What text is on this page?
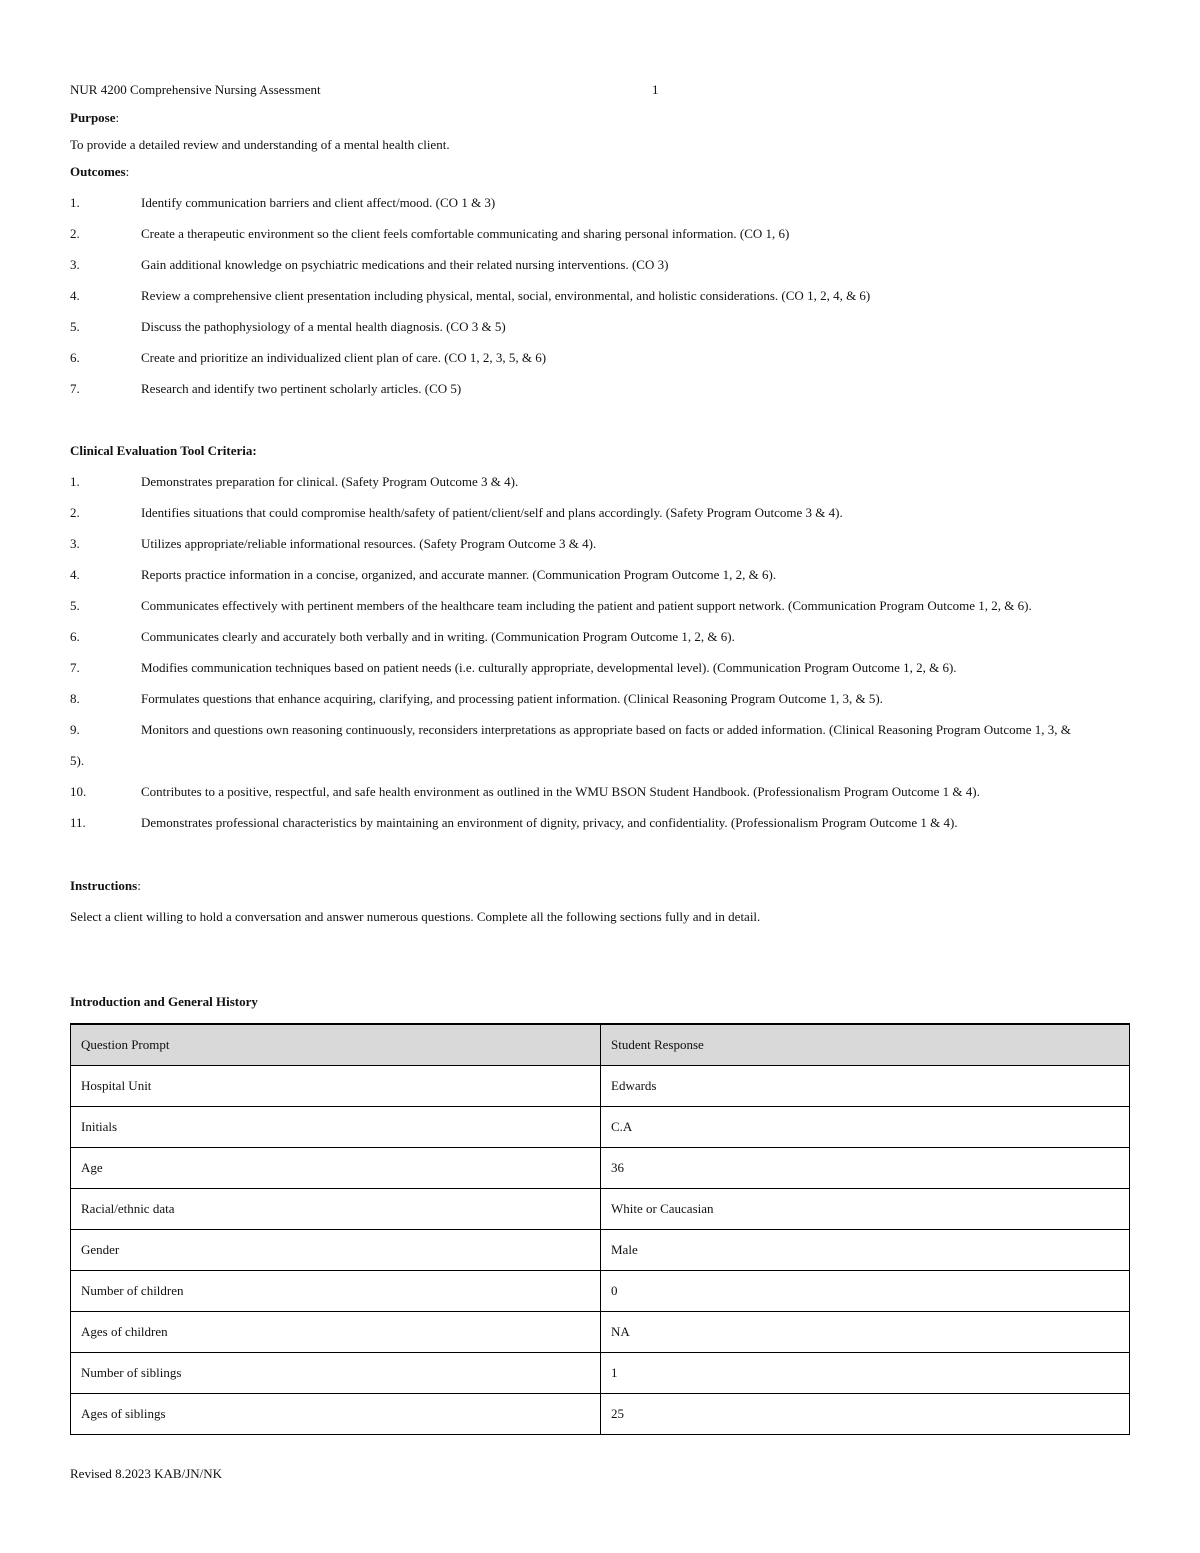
NUR 4200 Comprehensive Nursing Assessment	1
Purpose:
To provide a detailed review and understanding of a mental health client.
Outcomes:
1.	Identify communication barriers and client affect/mood. (CO 1 & 3)
2.	Create a therapeutic environment so the client feels comfortable communicating and sharing personal information. (CO 1, 6)
3.	Gain additional knowledge on psychiatric medications and their related nursing interventions. (CO 3)
4.	Review a comprehensive client presentation including physical, mental, social, environmental, and holistic considerations. (CO 1, 2, 4, & 6)
5.	Discuss the pathophysiology of a mental health diagnosis. (CO 3 & 5)
6.	Create and prioritize an individualized client plan of care. (CO 1, 2, 3, 5, & 6)
7.	Research and identify two pertinent scholarly articles. (CO 5)
Clinical Evaluation Tool Criteria:
1.	Demonstrates preparation for clinical. (Safety Program Outcome 3 & 4).
2.	Identifies situations that could compromise health/safety of patient/client/self and plans accordingly. (Safety Program Outcome 3 & 4).
3.	Utilizes appropriate/reliable informational resources. (Safety Program Outcome 3 & 4).
4.	Reports practice information in a concise, organized, and accurate manner. (Communication Program Outcome 1, 2, & 6).
5.	Communicates effectively with pertinent members of the healthcare team including the patient and patient support network. (Communication Program Outcome 1, 2, & 6).
6.	Communicates clearly and accurately both verbally and in writing. (Communication Program Outcome 1, 2, & 6).
7.	Modifies communication techniques based on patient needs (i.e. culturally appropriate, developmental level). (Communication Program Outcome 1, 2, & 6).
8.	Formulates questions that enhance acquiring, clarifying, and processing patient information. (Clinical Reasoning Program Outcome 1, 3, & 5).
9.	Monitors and questions own reasoning continuously, reconsiders interpretations as appropriate based on facts or added information. (Clinical Reasoning Program Outcome 1, 3, &
5).
10.	Contributes to a positive, respectful, and safe health environment as outlined in the WMU BSON Student Handbook. (Professionalism Program Outcome 1 & 4).
11.	Demonstrates professional characteristics by maintaining an environment of dignity, privacy, and confidentiality. (Professionalism Program Outcome 1 & 4).
Instructions:
Select a client willing to hold a conversation and answer numerous questions. Complete all the following sections fully and in detail.
Introduction and General History
Question Prompt	Student Response
Hospital Unit	Edwards
Initials	C.A
Age	36
Racial/ethnic data	White or Caucasian
Gender	Male
Number of children	0
Ages of children	NA
Number of siblings	1
Ages of siblings	25
Revised 8.2023 KAB/JN/NK
